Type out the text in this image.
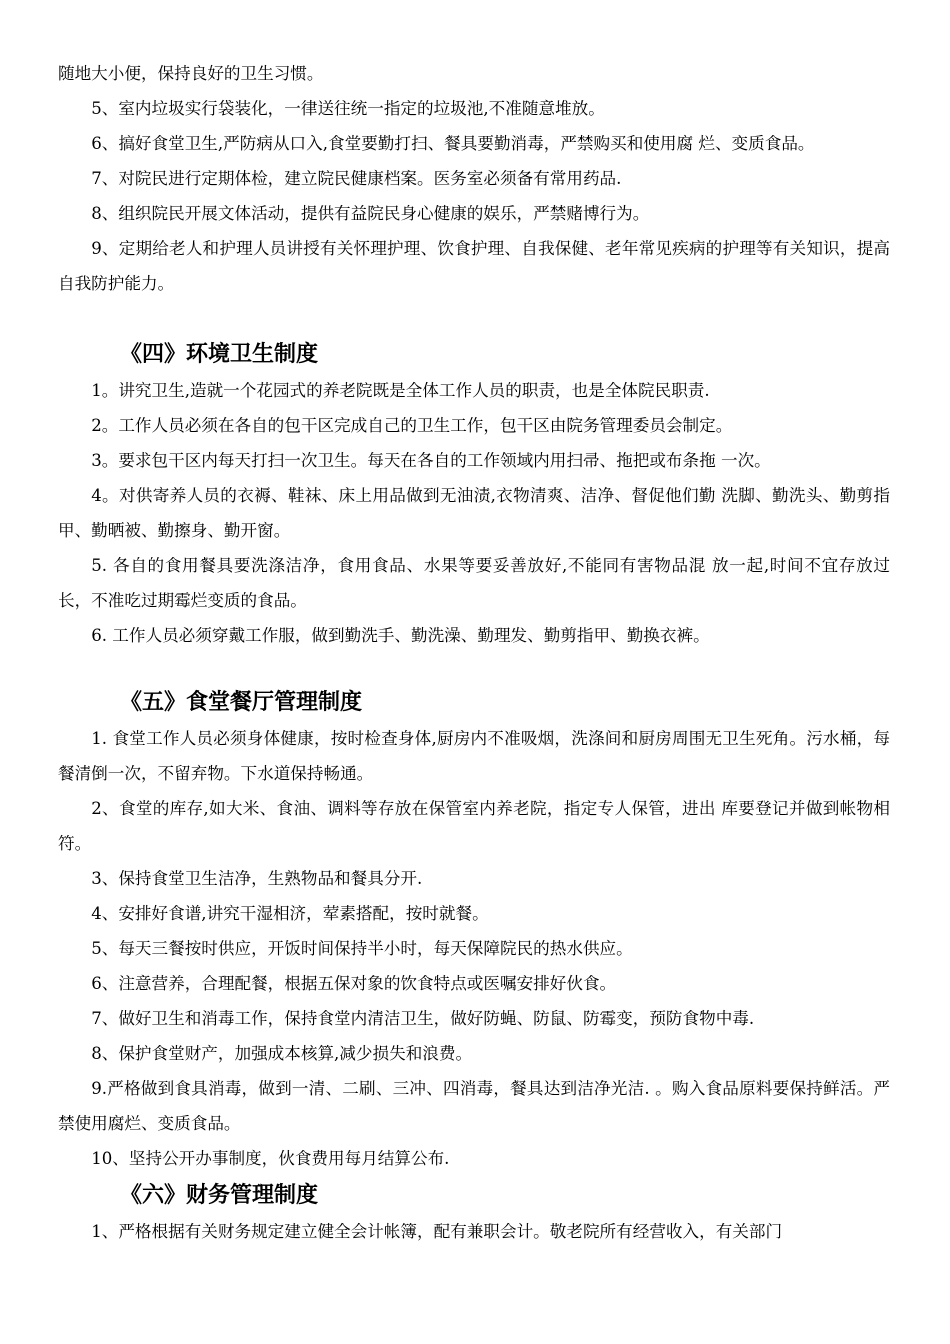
随地大小便，保持良好的卫生习惯。

5、室内垃圾实行袋装化，一律送往统一指定的垃圾池,不准随意堆放。

6、搞好食堂卫生,严防病从口入,食堂要勤打扫、餐具要勤消毒，严禁购买和使用腐 烂、变质食品。

7、对院民进行定期体检，建立院民健康档案。医务室必须备有常用药品.

8、组织院民开展文体活动，提供有益院民身心健康的娱乐，严禁赌博行为。

9、定期给老人和护理人员讲授有关怀理护理、饮食护理、自我保健、老年常见疾病的护理等有关知识，提高自我防护能力。

《四》环境卫生制度

1。讲究卫生,造就一个花园式的养老院既是全体工作人员的职责，也是全体院民职责.

2。工作人员必须在各自的包干区完成自己的卫生工作，包干区由院务管理委员会制定。

3。要求包干区内每天打扫一次卫生。每天在各自的工作领域内用扫帚、拖把或布条拖 一次。

4。对供寄养人员的衣褥、鞋袜、床上用品做到无油渍,衣物清爽、洁净、督促他们勤 洗脚、勤洗头、勤剪指甲、勤晒被、勤擦身、勤开窗。

5. 各自的食用餐具要洗涤洁净，食用食品、水果等要妥善放好,不能同有害物品混 放一起,时间不宜存放过长，不准吃过期霉烂变质的食品。

6. 工作人员必须穿戴工作服，做到勤洗手、勤洗澡、勤理发、勤剪指甲、勤换衣裤。

《五》食堂餐厅管理制度

1. 食堂工作人员必须身体健康，按时检查身体,厨房内不准吸烟，洗涤间和厨房周围无卫生死角。污水桶，每餐清倒一次，不留弃物。下水道保持畅通。

2、食堂的库存,如大米、食油、调料等存放在保管室内养老院，指定专人保管，进出 库要登记并做到帐物相符。

3、保持食堂卫生洁净，生熟物品和餐具分开.

4、安排好食谱,讲究干湿相济，荤素搭配，按时就餐。

5、每天三餐按时供应，开饭时间保持半小时，每天保障院民的热水供应。

6、注意营养，合理配餐，根据五保对象的饮食特点或医嘱安排好伙食。

7、做好卫生和消毒工作，保持食堂内清洁卫生，做好防蝇、防鼠、防霉变，预防食物中毒.

8、保护食堂财产，加强成本核算,减少损失和浪费。

9.严格做到食具消毒，做到一清、二刷、三冲、四消毒，餐具达到洁净光洁. 。购入食品原料要保持鲜活。严禁使用腐烂、变质食品。

10、坚持公开办事制度，伙食费用每月结算公布.

《六》财务管理制度

1、严格根据有关财务规定建立健全会计帐簿，配有兼职会计。敬老院所有经营收入，有关部门
